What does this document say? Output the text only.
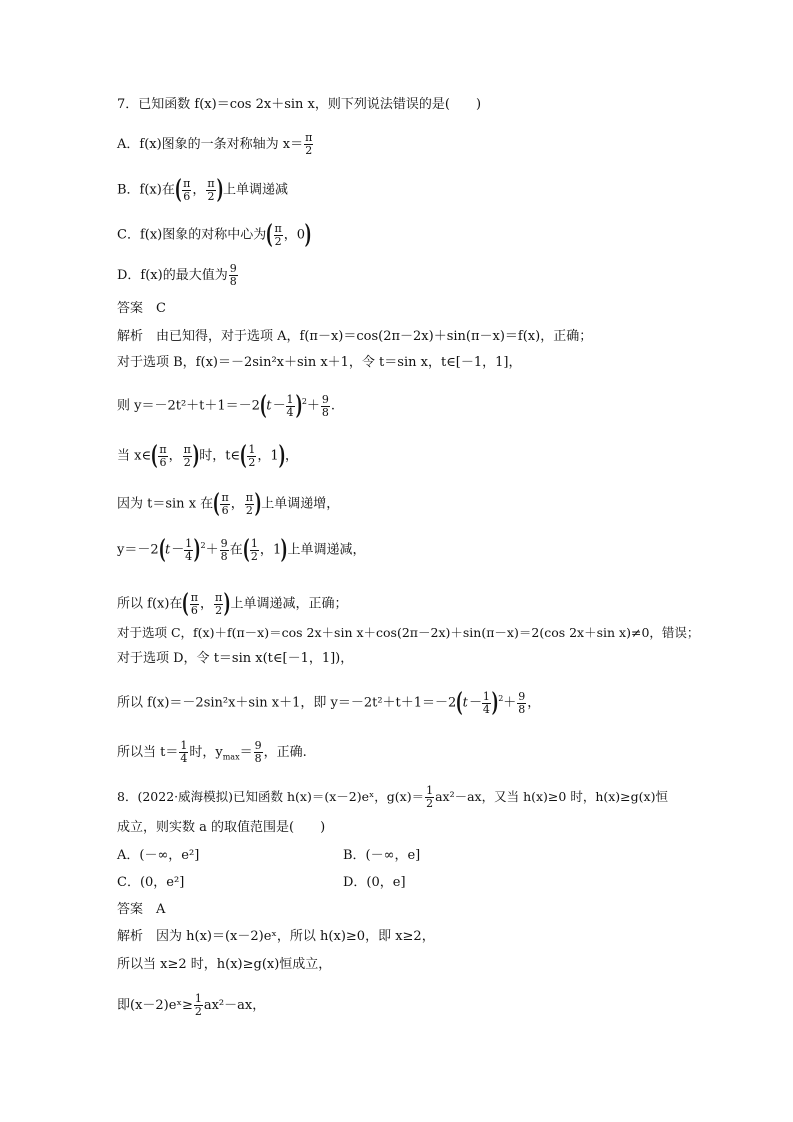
7．已知函数 f(x)＝cos 2x＋sin x，则下列说法错误的是(　　)
A．f(x)图象的一条对称轴为 $x= \frac{\pi}{2}$
B．f(x)在( $\frac{\pi}{6}$ ， $\frac{\pi}{2}$ )上单调递减
C．f(x)图象的对称中心为( $\frac{\pi}{2}$ ，0)
D．f(x)的最大值为 $\frac{9}{8}$
答案　C
解析　由已知得，对于选项 A，f(π－x)＝cos(2π－2x)＋sin(π－x)＝f(x)，正确；
对于选项 B，f(x)＝－2sin²x＋sin x＋1，令 t＝sin x，t∈[－1，1]，
则 $y=-2t^2+t+1=-2(t- \frac{1}{4} )^2+ \frac{9}{8}$ .
当 x∈( $\frac{\pi}{6}$ ， $\frac{\pi}{2}$ )时，t∈( $\frac{1}{2}$ ，1)，
因为 t＝sin x 在( $\frac{\pi}{6}$ ， $\frac{\pi}{2}$ )上单调递增，
$y=-2(t- \frac{1}{4} )^2+ \frac{9}{8}$ 在( $\frac{1}{2}$ ，1)上单调递减，
所以 f(x)在( $\frac{\pi}{6}$ ， $\frac{\pi}{2}$ )上单调递减，正确；
对于选项 C，f(x)＋f(π－x)＝cos 2x＋sin x＋cos(2π－2x)＋sin(π－x)＝2(cos 2x＋sin x)≠0，错误；
对于选项 D，令 t＝sin x(t∈[－1，1])，
所以 f(x)＝－2sin²x＋sin x＋1，即 $y=-2t^2+t+1=-2(t- \frac{1}{4} )^2+ \frac{9}{8}$ ，
所以当 $t= \frac{1}{4}$ 时，$y_{max}= \frac{9}{8}$ ，正确.
8．(2022·威海模拟)已知函数 h(x)＝(x－2)eˣ，$g(x)= \frac{1}{2} ax^2-ax$，又当 h(x)≥0 时，h(x)≥g(x)恒
成立，则实数 a 的取值范围是(　　)
A．(－∞，e²]	B．(－∞，e]
C．(0，e²]	D．(0，e]
答案　A
解析　因为 h(x)＝(x－2)eˣ，所以 h(x)≥0，即 x≥2，
所以当 x≥2 时，h(x)≥g(x)恒成立，
即(x－2)eˣ≥ $\frac{1}{2} ax^2-ax$，
